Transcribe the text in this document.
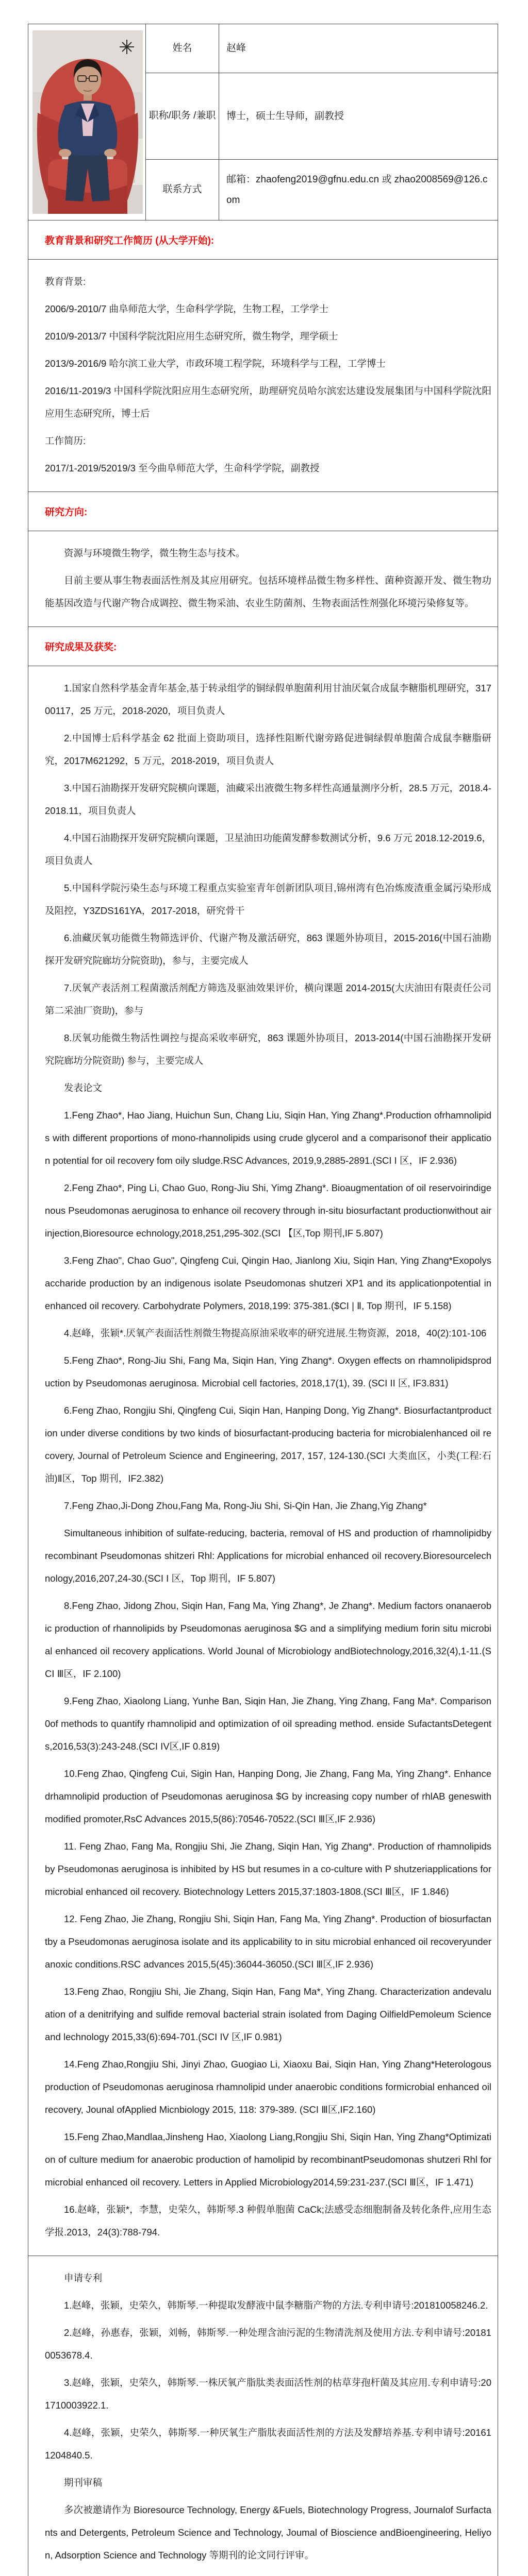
姓名	赵峰
职称/职务 /兼职	博士，硕士生导师，副教授
联系方式
邮箱：zhaofeng2019@gfnu.edu.cn 或 zhao2008569@126.com
教育背景和研究工作简历 (从大学开始):

教育背景:

2006/9-2010/7 曲阜师范大学，生命科学学院，生物工程，工学学士

2010/9-2013/7 中国科学院沈阳应用生态研究所，微生物学，理学硕士

2013/9-2016/9 哈尔滨工业大学，市政环境工程学院，环境科学与工程，工学博士

2016/11-2019/3 中国科学院沈阳应用生态研究所，助理研究员哈尔滨宏达建设发展集团与中国科学院沈阳应用生态研究所，博士后

工作简历:

2017/1-2019/52019/3 至今曲阜师范大学，生命科学学院，副教授

研究方向:

资源与环境微生物学，微生物生态与技术。

目前主要从事生物表面活性剂及其应用研究。包括环境样品微生物多样性、菌种资源开发、微生物功能基因改造与代谢产物合成调控、微生物采油、农业生防菌剂、生物表面活性剂强化环境污染修复等。

研究成果及获奖:

1.国家自然科学基金青年基金,基于转录组学的铜绿假单胞菌利用甘油厌氣合成鼠李糖脂机理研究，31700117，25 万元，2018-2020，项目负责人

2.中国博士后科学基金 62 批面上资助项目，选择性阻断代谢旁路促进铜绿假单胞菌合成鼠李糖脂研究，2017M621292，5 万元，2018-2019，项目负责人

3.中国石油勘探开发研究院横向课题，油藏采出液微生物多样性高通量测序分析，28.5 万元，2018.4-2018.11，项目负责人

4.中国石油勘探开发研究院横向课题，卫星油田功能菌发酵参数测试分析，9.6 万元 2018.12-2019.6，项目负责人

5.中国科学院污染生态与环境工程重点实验室青年创新团队项目,锦州湾有色冶炼废渣重金属污染形成及阻控，Y3ZDS161YA，2017-2018，研究骨干

6.油藏厌氧功能微生物筛选评价、代谢产物及激活研究，863 课题外协项目，2015-2016(中国石油勘探开发研究院廊坊分院资助)，参与，主要完成人

7.厌氧产表活剂工程菌激活剂配方筛选及驱油效果评价，横向课题 2014-2015(大庆油田有限责任公司第二采油厂资助)，参与

8.厌氧功能微生物活性调控与提高采收率研究，863 课题外协项目，2013-2014(中国石油勘探开发研究院廊坊分院资助) 参与，主要完成人

发表论文

1.Feng Zhao*, Hao Jiang, Huichun Sun, Chang Liu, Siqin Han, Ying Zhang*.Production ofrhamnolipids with different proportions of mono-rhannolipids using crude glycerol and a comparisonof their application potential for oil recovery fom oily sludge.RSC Advances, 2019,9,2885-2891.(SCI I 区，IF 2.936)

2.Feng Zhao*, Ping Li, Chao Guo, Rong-Jiu Shi, Yimg Zhang*. Bioaugmentation of oil reservoirindigenous Pseudomonas aeruginosa to enhance oil recovery through in-situ biosurfactant productionwithout air injection,Bioresource echnology,2018,251,295-302.(SCI 【区,Top 期刊,IF 5.807)

3.Feng Zhao", Chao Guo", Qingfeng Cui, Qingin Hao, Jianlong Xiu, Siqin Han, Ying Zhang*Exopolysaccharide production by an indigenous isolate Pseudomonas shutzeri XP1 and its applicationpotential in enhanced oil recovery. Carbohydrate Polymers, 2018,199: 375-381.($CI | Ⅱ, Top 期刊，IF 5.158)

4.赵峰，张颖*.厌氧产表面活性剂微生物提高原油采收率的研究进展.生物资源，2018，40(2):101-106

5.Feng Zhao*, Rong-Jiu Shi, Fang Ma, Siqin Han, Ying Zhang*. Oxygen effects on rhamnolipidsproduction by Pseudomonas aeruginosa. Microbial cell factories, 2018,17(1), 39. (SCI II 区, IF3.831)

6.Feng Zhao, Rongjiu Shi, Qingfeng Cui, Siqin Han, Hanping Dong, Yig Zhang*. Biosurfactantproduction under diverse conditions by two kinds of biosurfactant-producing bacteria for microbialenhanced oil recovery, Journal of Petroleum Science and Engineering, 2017, 157, 124-130.(SCI 大类血区，小类(工程:石油)Ⅱ区，Top 期刊，IF2.382)

7.Feng Zhao,Ji-Dong Zhou,Fang Ma, Rong-Jiu Shi, Si-Qin Han, Jie Zhang,Yig Zhang*

Simultaneous inhibition of sulfate-reducing, bacteria, removal of HS and production of rhamnolipidby recombinant Pseudomonas shitzeri Rhl: Applications for microbial enhanced oil recovery.Bioresourcelechnology,2016,207,24-30.(SCI I 区，Top 期刊，IF 5.807)

8.Feng Zhao, Jidong Zhou, Siqin Han, Fang Ma, Ying Zhang*, Je Zhang*. Medium factors onanaerobic production of rhannolipids by Pseudomonas aeruginosa $G and a simplifying medium forin situ microbial enhanced oil recovery applications. World Jounal of Microbiology andBiotechnology,2016,32(4),1-11.(SCI Ⅲ区，IF 2.100)

9.Feng Zhao, Xiaolong Liang, Yunhe Ban, Siqin Han, Jie Zhang, Ying Zhang, Fang Ma*. Comparison0of methods to quantify rhamnolipid and optimization of oil spreading method. enside SufactantsDetegents,2016,53(3):243-248.(SCI IV区,IF 0.819)

10.Feng Zhao, Qingfeng Cui, Sigin Han, Hanping Dong, Jie Zhang, Fang Ma, Ying Zhang*. Enhancedrhamnolipid production of Pseudomonas aeruginosa $G by increasing copy number of rhlAB geneswith modified promoter,RsC Advances 2015,5(86):70546-70522.(SCI Ⅲ区,IF 2.936)

11. Feng Zhao, Fang Ma, Rongjiu Shi, Jie Zhang, Siqin Han, Yig Zhang*. Production of rhamnolipidsby Pseudomonas aeruginosa is inhibited by HS but resumes in a co-culture with P shutzeriapplications for microbial enhanced oil recovery. Biotechnology Letters 2015,37:1803-1808.(SCI Ⅲ区，IF 1.846)

12. Feng Zhao, Jie Zhang, Rongjiu Shi, Siqin Han, Fang Ma, Ying Zhang*. Production of biosurfactantby a Pseudomonas aeruginosa isolate and its applicability to in situ microbial enhanced oil recoveryunder anoxic conditions.RSC advances 2015,5(45):36044-36050.(SCI Ⅲ区,IF 2.936)

13.Feng Zhao, Rongjiu Shi, Jie Zhang, Siqin Han, Fang Ma*, Ying Zhang. Characterization andevaluation of a denitrifying and sulfide removal bacterial strain isolated from Daging OilfieldPemoleum Science and lechnology 2015,33(6):694-701.(SCI IV 区,IF 0.981)

14.Feng Zhao,Rongjiu Shi, Jinyi Zhao, Guogiao Li, Xiaoxu Bai, Siqin Han, Ying Zhang*Heterologous production of Pseudomonas aeruginosa rhamnolipid under anaerobic conditions formicrobial enhanced oil recovery, Jounal ofApplied Micnbiology 2015, 118: 379-389. (SCI Ⅲ区,IF2.160)

15.Feng Zhao,Mandlaa,Jinsheng Hao, Xiaolong Liang,Rongjiu Shi, Siqin Han, Ying Zhang*Optimization of culture medium for anaerobic production of hamolipid by recombinantPseudomonas shutzeri Rhl for microbial enhanced oil recovery. Letters in Applied Microbiology2014,59:231-237.(SCI Ⅲ区，IF 1.471)

16.赵峰，张颖*，李慧，史荣久，韩斯琴.3 种假单胞菌 CaCk;法感受态细胞制备及转化条件,应用生态学报.2013，24(3):788-794.

申请专利

1.赵峰，张颖，史荣久，韩斯琴.一种提取发酵液中鼠李糖脂产物的方法.专利申请号:201810058246.2.

2.赵峰，孙惠春，张颖，刘畅，韩斯琴.一种处理含油污泥的生物清洗剂及使用方法.专利申请号:201810053678.4.

3.赵峰，张颖，史荣久，韩斯琴.一株厌氧产脂肽类表面活性剂的枯草芽孢杆菌及其应用.专利申请号:201710003922.1.

4.赵峰，张颖，史荣久，韩斯琴.一种厌氧生产脂肽表面活性剂的方法及发酵培养基.专利申请号:201611204840.5.

期刊审稿

多次被邀请作为 Bioresource Technology, Energy &Fuels, Biotechnology Progress, Journalof Surfactants and Detergents, Petroleum Science and Technology, Joumal of Bioscience andBioengineering, Heliyon, Adsorption Science and Technology 等期刊的论文同行评审。
